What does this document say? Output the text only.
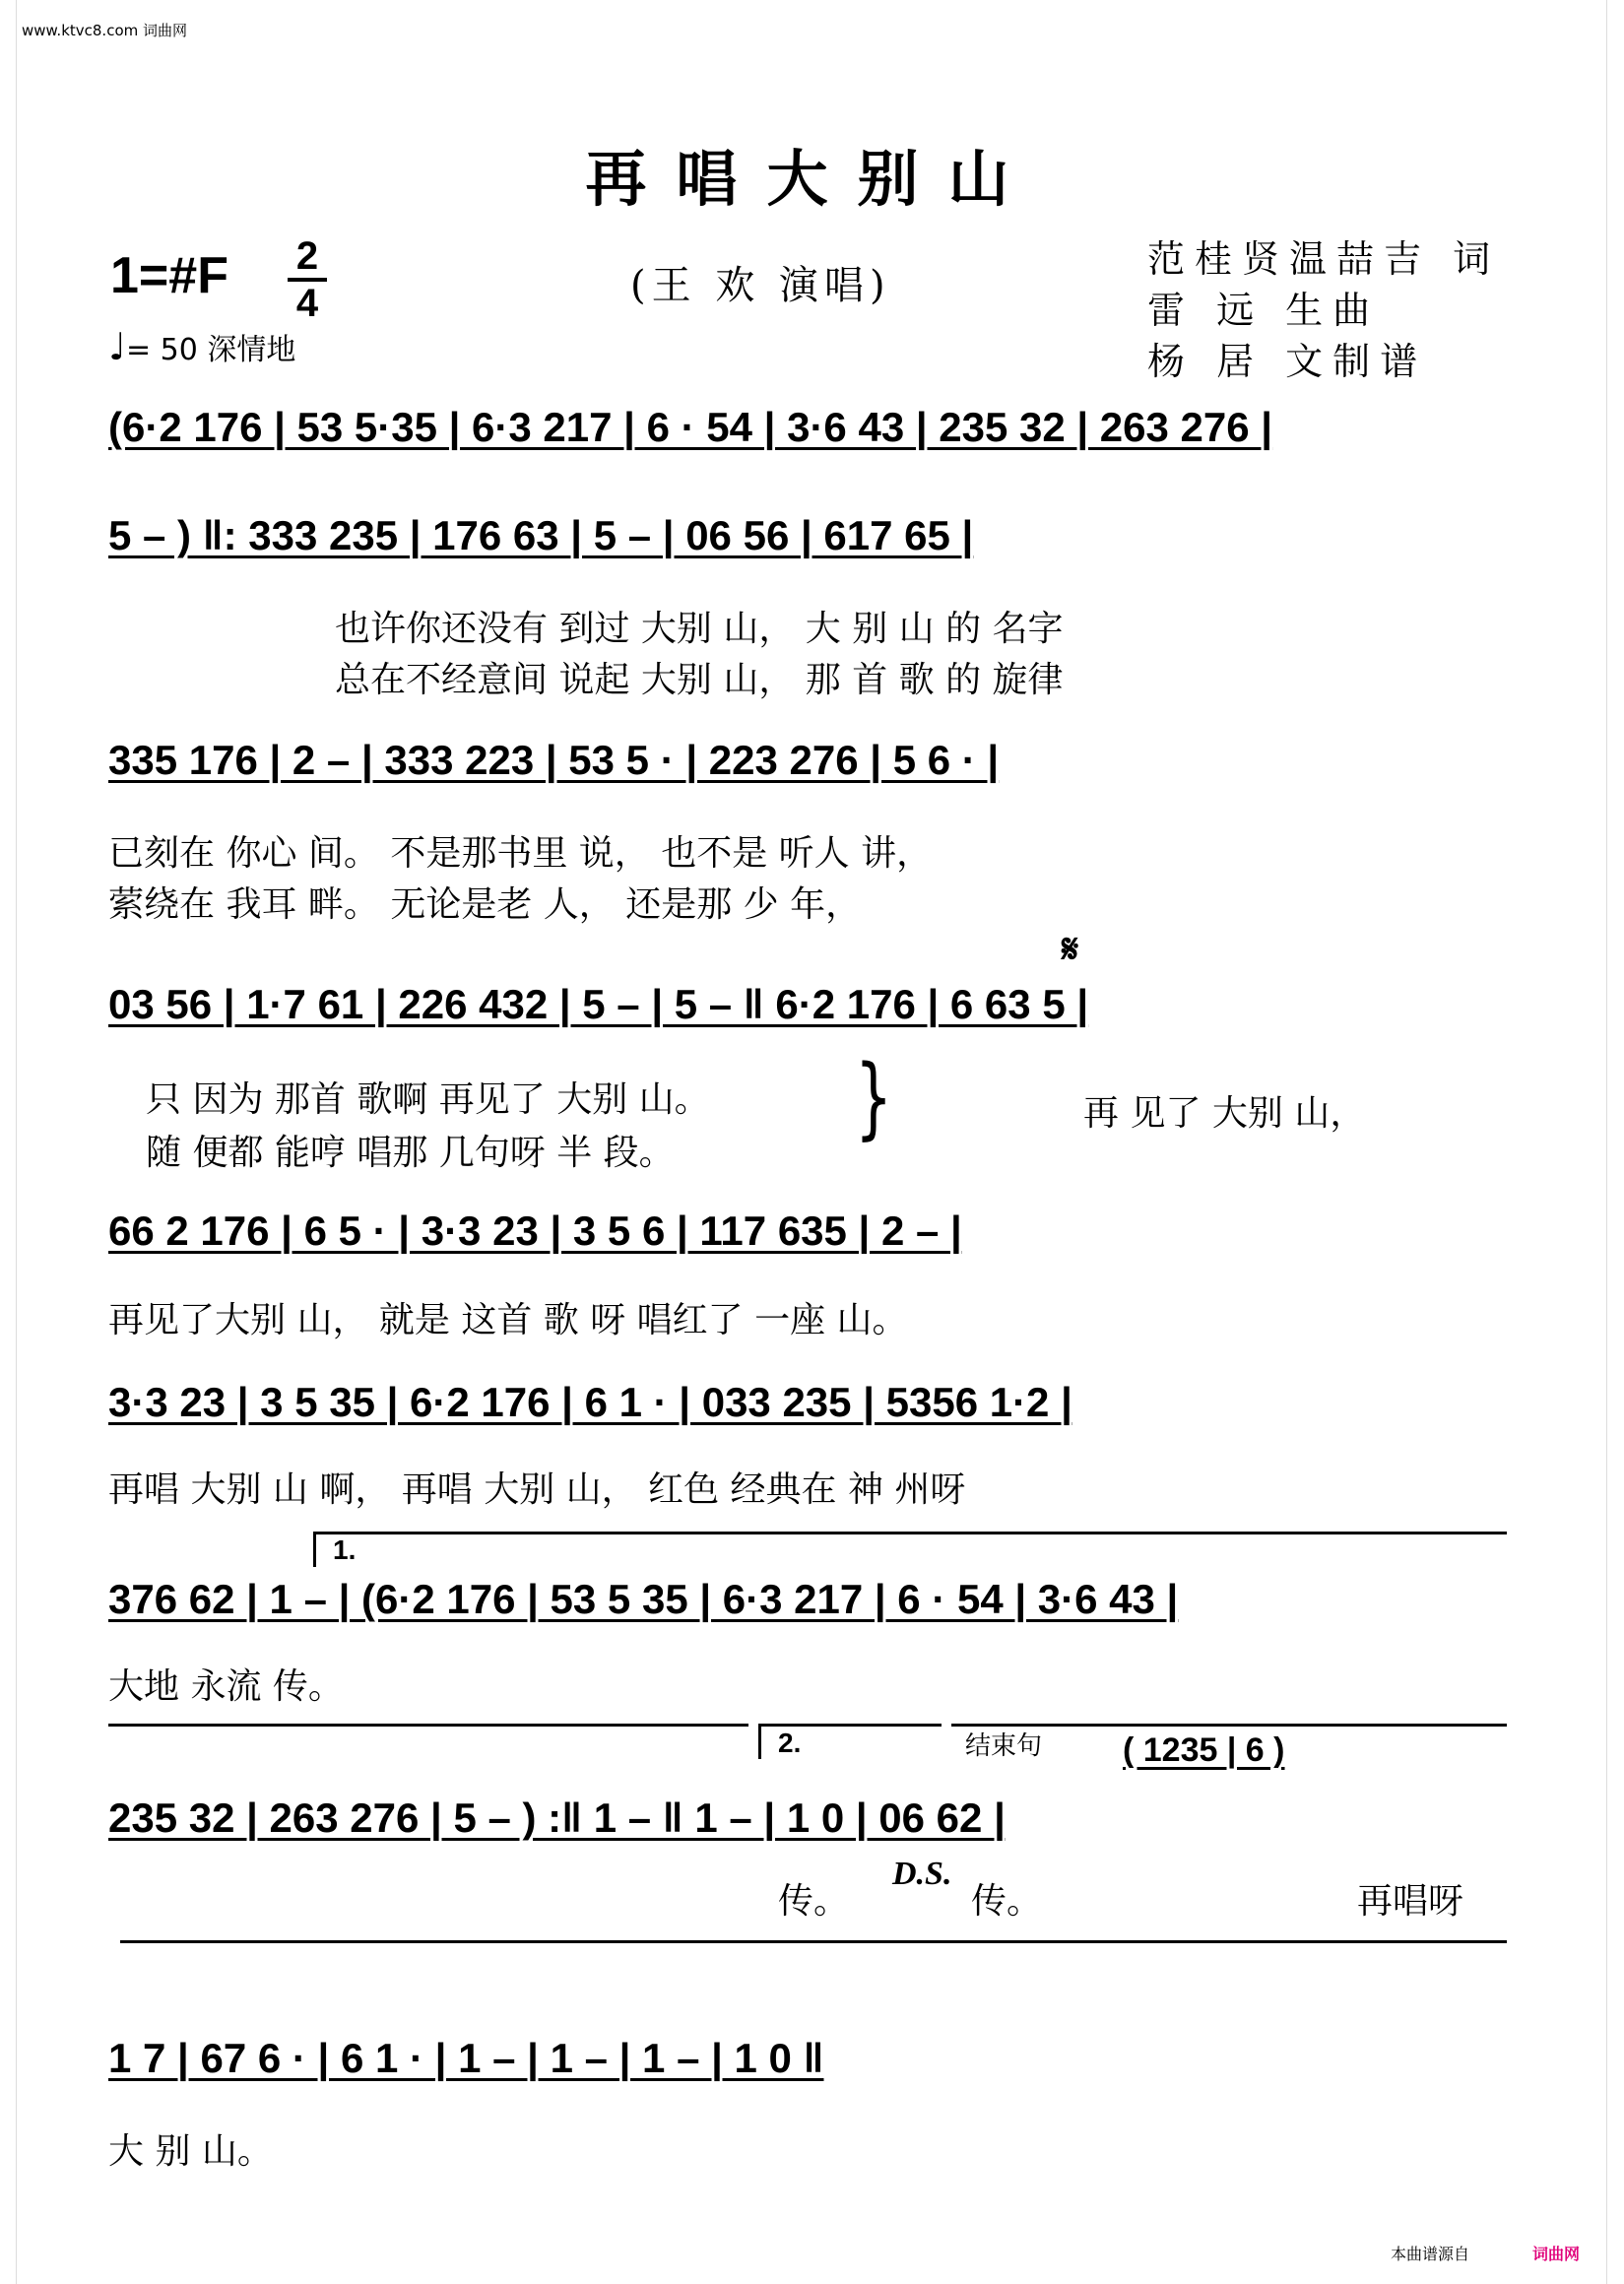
www.ktvc8.com 词曲网
再唱大别山
1=#F 2
4
♩= 50 深情地
(王 欢 演唱)
范桂贤温喆吉 词
雷 远 生曲
杨 居 文制谱
(6·2 176 | 53 5·35 | 6·3 217 | 6 · 54 | 3·6 43 | 235 32 | 263 276 |
5 – ) ‖: 333 235 | 176 63 | 5 – | 06 56 | 617 65 |
也许你还没有 到过 大别 山， 大 别 山 的 名字
总在不经意间 说起 大别 山， 那 首 歌 的 旋律
335 176 | 2 – | 333 223 | 53 5 · | 223 276 | 5 6 · |
已刻在 你心 间。 不是那书里 说， 也不是 听人 讲，
萦绕在 我耳 畔。 无论是老 人， 还是那 少 年，
𝄋
03 56 | 1·7 61 | 226 432 | 5 – | 5 – ‖ 6·2 176 | 6 63 5 |
只 因为 那首 歌啊 再见了 大别 山。
随 便都 能哼 唱那 几句呀 半 段。
}	再 见了 大别 山，
66 2 176 | 6 5 · | 3·3 23 | 3 5 6 | 117 635 | 2 – |
再见了大别 山， 就是 这首 歌 呀 唱红了 一座 山。
3·3 23 | 3 5 35 | 6·2 176 | 6 1 · | 033 235 | 5356 1·2 |
再唱 大别 山 啊， 再唱 大别 山， 红色 经典在 神 州呀
1.
376 62 | 1 – | (6·2 176 | 53 5 35 | 6·3 217 | 6 · 54 | 3·6 43 |
大地 永流 传。
2.	结束句 ( 1235 | 6 )
235 32 | 263 276 | 5 – ) :‖ 1 – ‖ 1 – | 1 0 | 06 62 |
传。
D.S.
传。	再唱呀
1 7 | 67 6 · | 6 1 · | 1 – | 1 – | 1 – | 1 0 ‖
大 别 山。
本曲谱源自	词曲网
